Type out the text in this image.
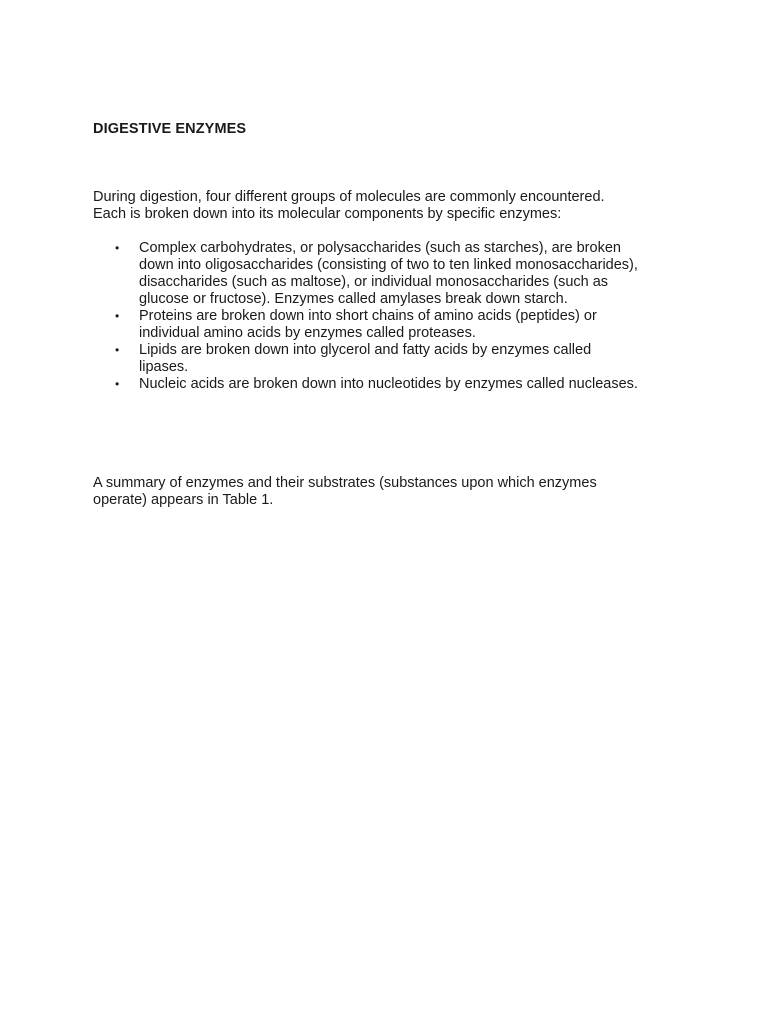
DIGESTIVE ENZYMES

During digestion, four different groups of molecules are commonly encountered.
Each is broken down into its molecular components by specific enzymes:

• Complex carbohydrates, or polysaccharides (such as starches), are broken
down into oligosaccharides (consisting of two to ten linked monosaccharides),
disaccharides (such as maltose), or individual monosaccharides (such as
glucose or fructose). Enzymes called amylases break down starch.
• Proteins are broken down into short chains of amino acids (peptides) or
individual amino acids by enzymes called proteases.
• Lipids are broken down into glycerol and fatty acids by enzymes called
lipases.
• Nucleic acids are broken down into nucleotides by enzymes called nucleases.

A summary of enzymes and their substrates (substances upon which enzymes
operate) appears in Table 1.
